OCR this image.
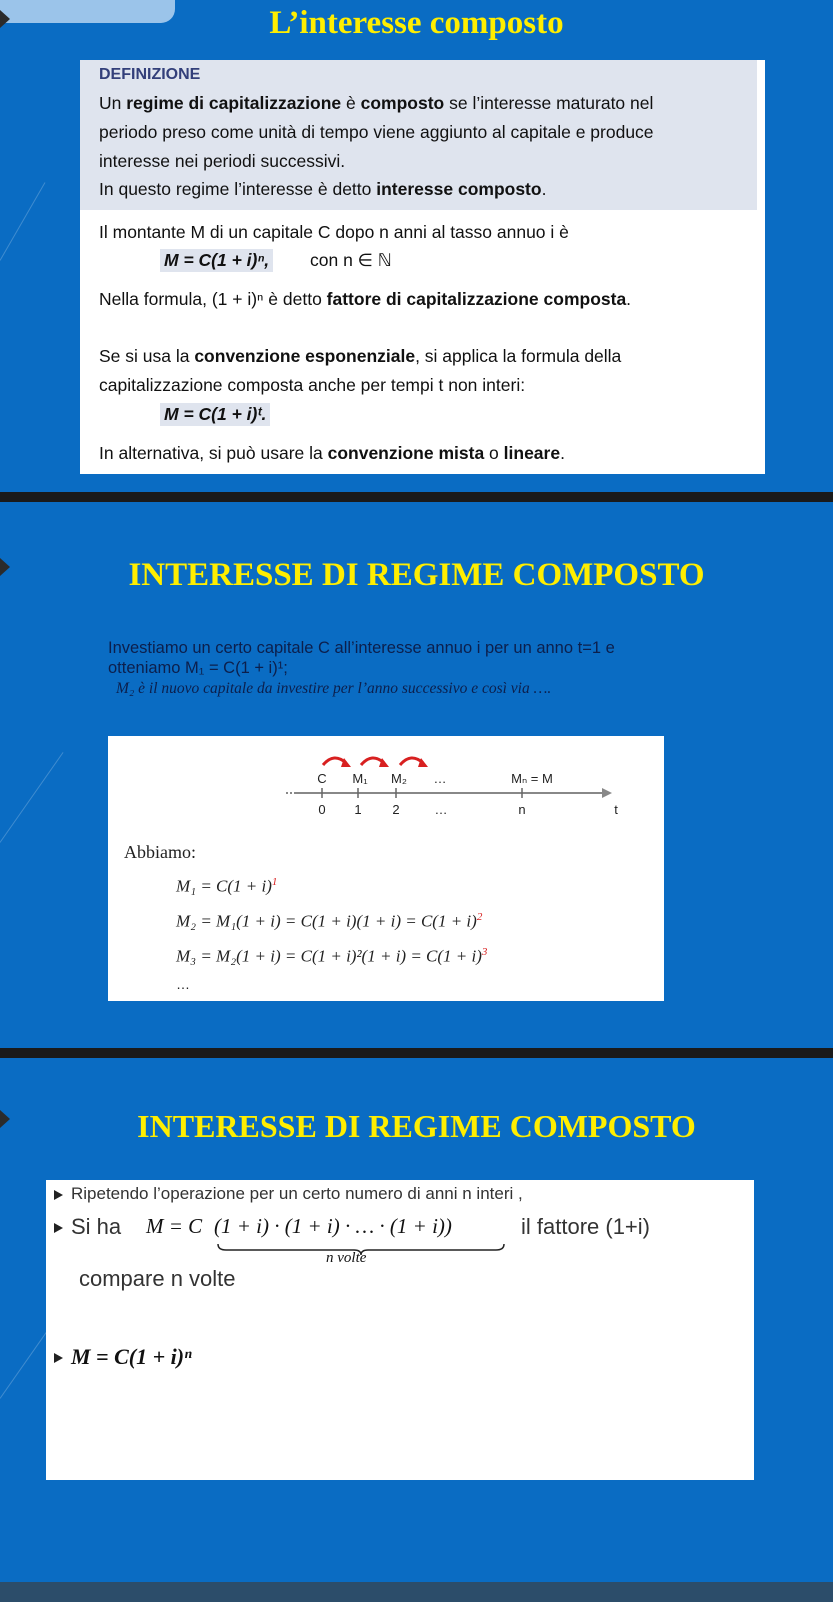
L’interesse composto
DEFINIZIONE
Un regime di capitalizzazione è composto se l’interesse maturato nel
periodo preso come unità di tempo viene aggiunto al capitale e produce
interesse nei periodi successivi.
In questo regime l’interesse è detto interesse composto.
Il montante M di un capitale C dopo n anni al tasso annuo i è
M = C(1 + i)ⁿ, con n ∈ ℕ
Nella formula, (1 + i)ⁿ è detto fattore di capitalizzazione composta.
Se si usa la convenzione esponenziale, si applica la formula della
capitalizzazione composta anche per tempi t non interi:
M = C(1 + i)ᵗ.
In alternativa, si può usare la convenzione mista o lineare.
INTERESSE DI REGIME COMPOSTO
Investiamo un certo capitale C all’interesse annuo i per un anno t=1 e
otteniamo M₁ = C(1 + i)¹;
M₂ è il nuovo capitale da investire per l’anno successivo e così via ….
C M₁ M₂ …	Mₙ = M
0 1 2	…	n	t
Abbiamo:
$M_1 = C(1 + i)^1$
$M_2 = M_1(1 + i) = C(1 + i)(1 + i) = C(1 + i)^2$
$M_3 = M_2(1 + i) = C(1 + i)^2(1 + i) = C(1 + i)^3$
…
INTERESSE DI REGIME COMPOSTO
Ripetendo l’operazione per un certo numero di anni n interi ,
Si ha M = C (1 + i) · (1 + i) · … · (1 + i))
n volte
il fattore (1+i)
compare n volte
M = C(1 + i)ⁿ
